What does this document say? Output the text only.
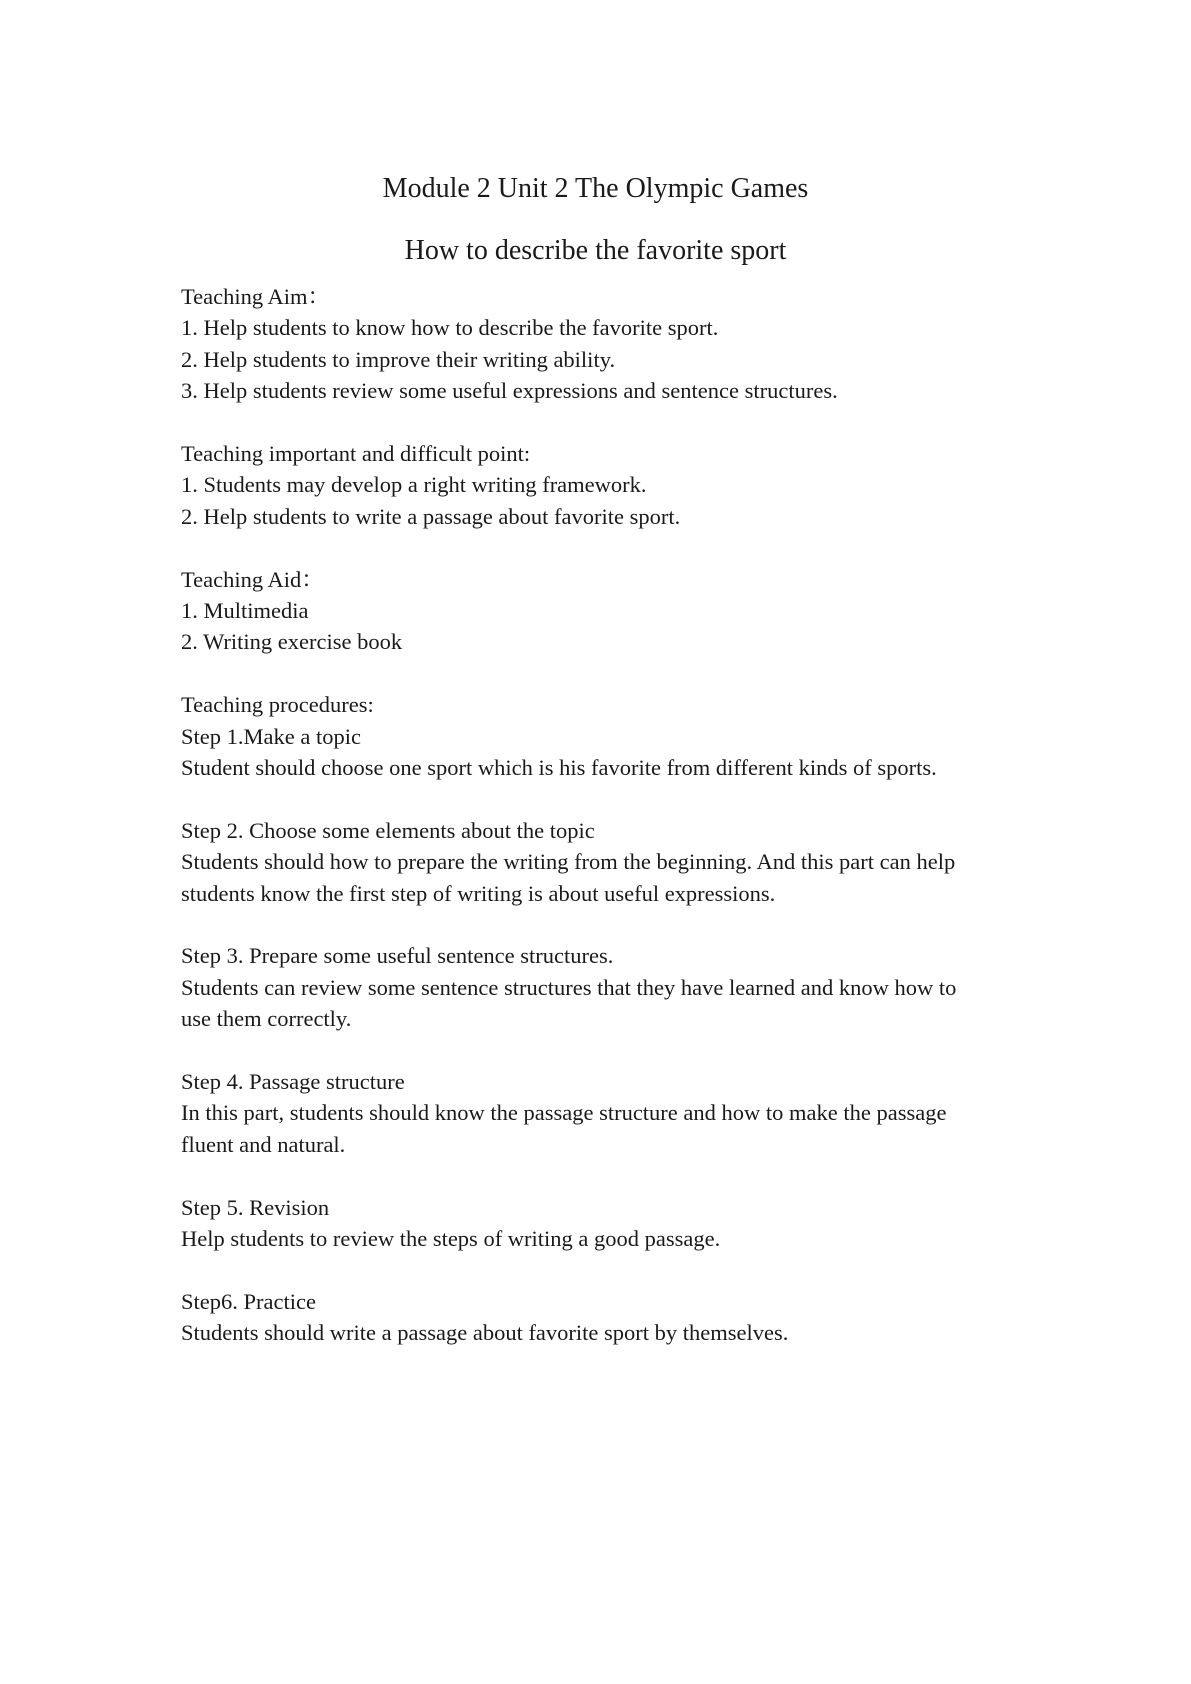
Module 2 Unit 2 The Olympic Games
How to describe the favorite sport

Teaching Aim：

1. Help students to know how to describe the favorite sport.

2. Help students to improve their writing ability.

3. Help students review some useful expressions and sentence structures.

Teaching important and difficult point:

1. Students may develop a right writing framework.

2. Help students to write a passage about favorite sport.

Teaching Aid：

1. Multimedia

2. Writing exercise book

Teaching procedures:

Step 1.Make a topic

Student should choose one sport which is his favorite from different kinds of sports.

Step 2. Choose some elements about the topic

Students should how to prepare the writing from the beginning. And this part can help

students know the first step of writing is about useful expressions.

Step 3. Prepare some useful sentence structures.

Students can review some sentence structures that they have learned and know how to

use them correctly.

Step 4. Passage structure

In this part, students should know the passage structure and how to make the passage

fluent and natural.

Step 5. Revision

Help students to review the steps of writing a good passage.

Step6. Practice

Students should write a passage about favorite sport by themselves.
